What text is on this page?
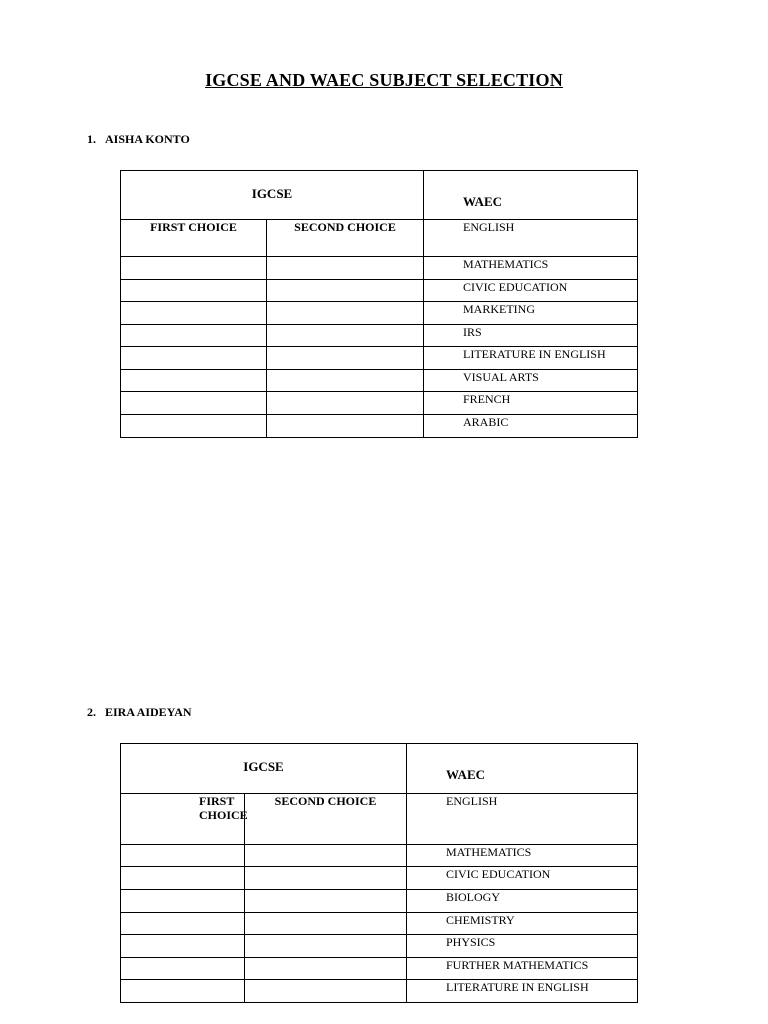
IGCSE AND WAEC SUBJECT SELECTION
1. AISHA KONTO
IGCSE		WAEC

FIRST CHOICE	SECOND CHOICE	ENGLISH

		MATHEMATICS

		CIVIC EDUCATION

		MARKETING

		IRS

		LITERATURE IN ENGLISH

		VISUAL ARTS

		FRENCH

		ARABIC
2. EIRA AIDEYAN
IGCSE		WAEC

FIRST CHOICE	SECOND CHOICE	ENGLISH

		MATHEMATICS

		CIVIC EDUCATION

		BIOLOGY

		CHEMISTRY

		PHYSICS

		FURTHER MATHEMATICS

		LITERATURE IN ENGLISH
